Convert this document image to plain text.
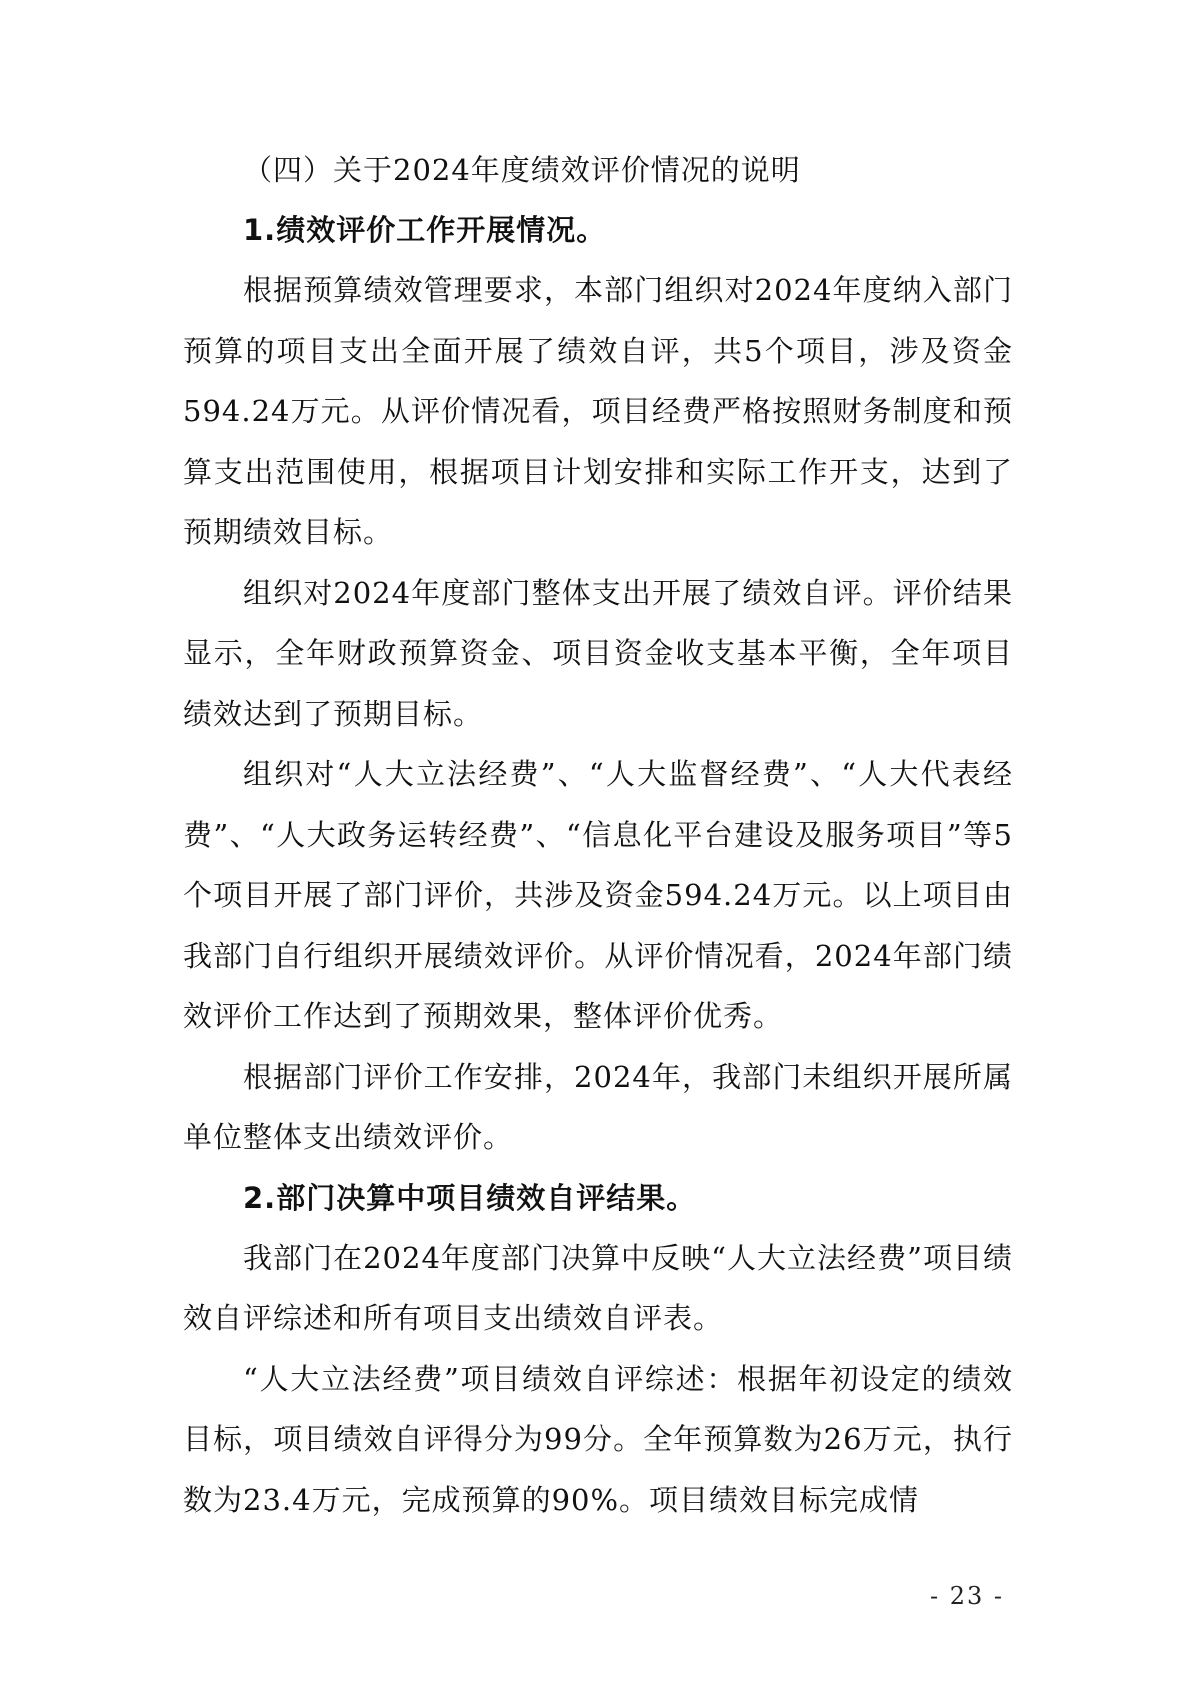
（四）关于2024年度绩效评价情况的说明
1.绩效评价工作开展情况。

根据预算绩效管理要求，本部门组织对2024年度纳入部门预算的项目支出全面开展了绩效自评，共5个项目，涉及资金594.24万元。从评价情况看，项目经费严格按照财务制度和预算支出范围使用，根据项目计划安排和实际工作开支，达到了预期绩效目标。

组织对2024年度部门整体支出开展了绩效自评。评价结果显示，全年财政预算资金、项目资金收支基本平衡，全年项目绩效达到了预期目标。

组织对“人大立法经费”、“人大监督经费”、“人大代表经费”、“人大政务运转经费”、“信息化平台建设及服务项目”等5个项目开展了部门评价，共涉及资金594.24万元。以上项目由我部门自行组织开展绩效评价。从评价情况看，2024年部门绩效评价工作达到了预期效果，整体评价优秀。

根据部门评价工作安排，2024年，我部门未组织开展所属单位整体支出绩效评价。

2.部门决算中项目绩效自评结果。

我部门在2024年度部门决算中反映“人大立法经费”项目绩效自评综述和所有项目支出绩效自评表。

“人大立法经费”项目绩效自评综述：根据年初设定的绩效目标，项目绩效自评得分为99分。全年预算数为26万元，执行数为23.4万元，完成预算的90%。项目绩效目标完成情

- 23 -
